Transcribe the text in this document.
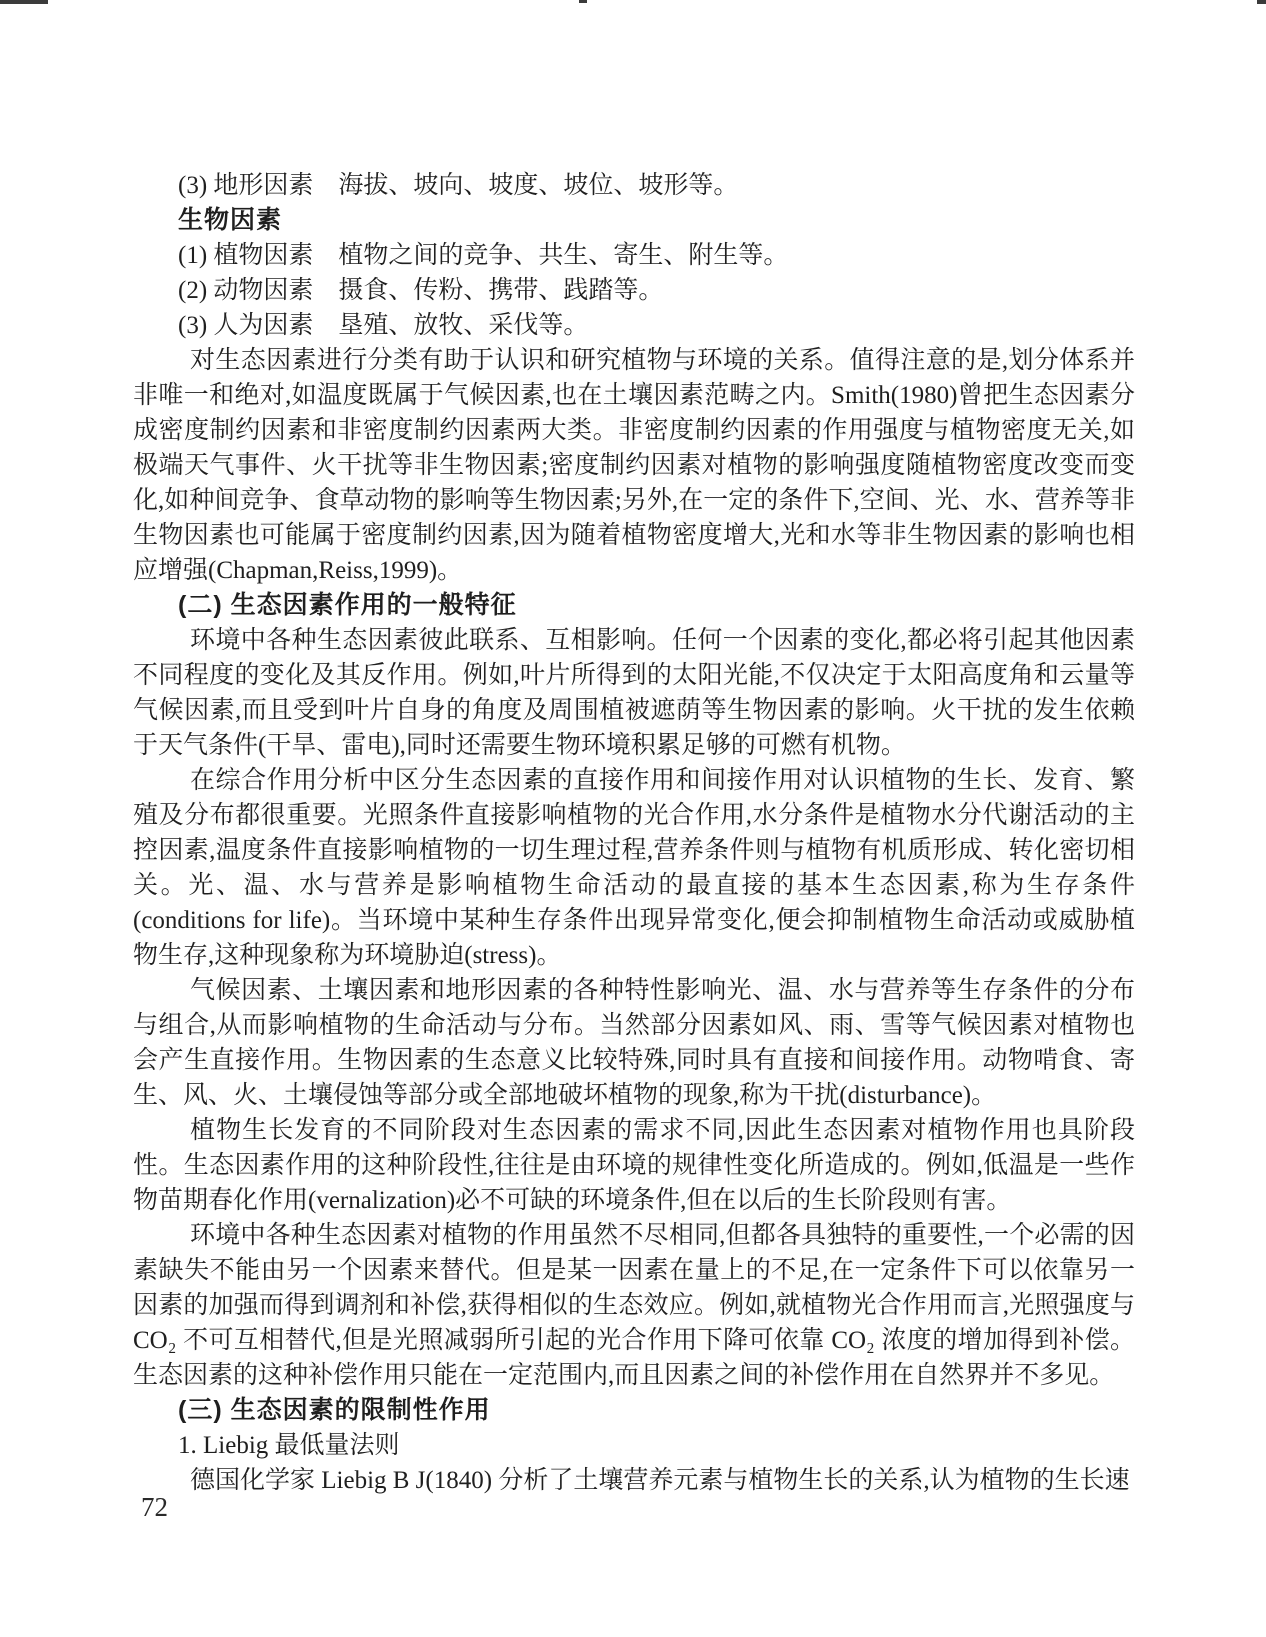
(3) 地形因素　海拔、坡向、坡度、坡位、坡形等。

生物因素

(1) 植物因素　植物之间的竞争、共生、寄生、附生等。

(2) 动物因素　摄食、传粉、携带、践踏等。

(3) 人为因素　垦殖、放牧、采伐等。

对生态因素进行分类有助于认识和研究植物与环境的关系。值得注意的是,划分体系并非唯一和绝对,如温度既属于气候因素,也在土壤因素范畴之内。Smith(1980)曾把生态因素分成密度制约因素和非密度制约因素两大类。非密度制约因素的作用强度与植物密度无关,如极端天气事件、火干扰等非生物因素;密度制约因素对植物的影响强度随植物密度改变而变化,如种间竞争、食草动物的影响等生物因素;另外,在一定的条件下,空间、光、水、营养等非生物因素也可能属于密度制约因素,因为随着植物密度增大,光和水等非生物因素的影响也相应增强(Chapman,Reiss,1999)。

(二) 生态因素作用的一般特征

环境中各种生态因素彼此联系、互相影响。任何一个因素的变化,都必将引起其他因素不同程度的变化及其反作用。例如,叶片所得到的太阳光能,不仅决定于太阳高度角和云量等气候因素,而且受到叶片自身的角度及周围植被遮荫等生物因素的影响。火干扰的发生依赖于天气条件(干旱、雷电),同时还需要生物环境积累足够的可燃有机物。

在综合作用分析中区分生态因素的直接作用和间接作用对认识植物的生长、发育、繁殖及分布都很重要。光照条件直接影响植物的光合作用,水分条件是植物水分代谢活动的主控因素,温度条件直接影响植物的一切生理过程,营养条件则与植物有机质形成、转化密切相关。光、温、水与营养是影响植物生命活动的最直接的基本生态因素,称为生存条件(conditions for life)。当环境中某种生存条件出现异常变化,便会抑制植物生命活动或威胁植物生存,这种现象称为环境胁迫(stress)。

气候因素、土壤因素和地形因素的各种特性影响光、温、水与营养等生存条件的分布与组合,从而影响植物的生命活动与分布。当然部分因素如风、雨、雪等气候因素对植物也会产生直接作用。生物因素的生态意义比较特殊,同时具有直接和间接作用。动物啃食、寄生、风、火、土壤侵蚀等部分或全部地破坏植物的现象,称为干扰(disturbance)。

植物生长发育的不同阶段对生态因素的需求不同,因此生态因素对植物作用也具阶段性。生态因素作用的这种阶段性,往往是由环境的规律性变化所造成的。例如,低温是一些作物苗期春化作用(vernalization)必不可缺的环境条件,但在以后的生长阶段则有害。

环境中各种生态因素对植物的作用虽然不尽相同,但都各具独特的重要性,一个必需的因素缺失不能由另一个因素来替代。但是某一因素在量上的不足,在一定条件下可以依靠另一因素的加强而得到调剂和补偿,获得相似的生态效应。例如,就植物光合作用而言,光照强度与 CO₂ 不可互相替代,但是光照减弱所引起的光合作用下降可依靠 CO₂ 浓度的增加得到补偿。生态因素的这种补偿作用只能在一定范围内,而且因素之间的补偿作用在自然界并不多见。

(三) 生态因素的限制性作用

1. Liebig 最低量法则

德国化学家 Liebig B J(1840) 分析了土壤营养元素与植物生长的关系,认为植物的生长速

72
